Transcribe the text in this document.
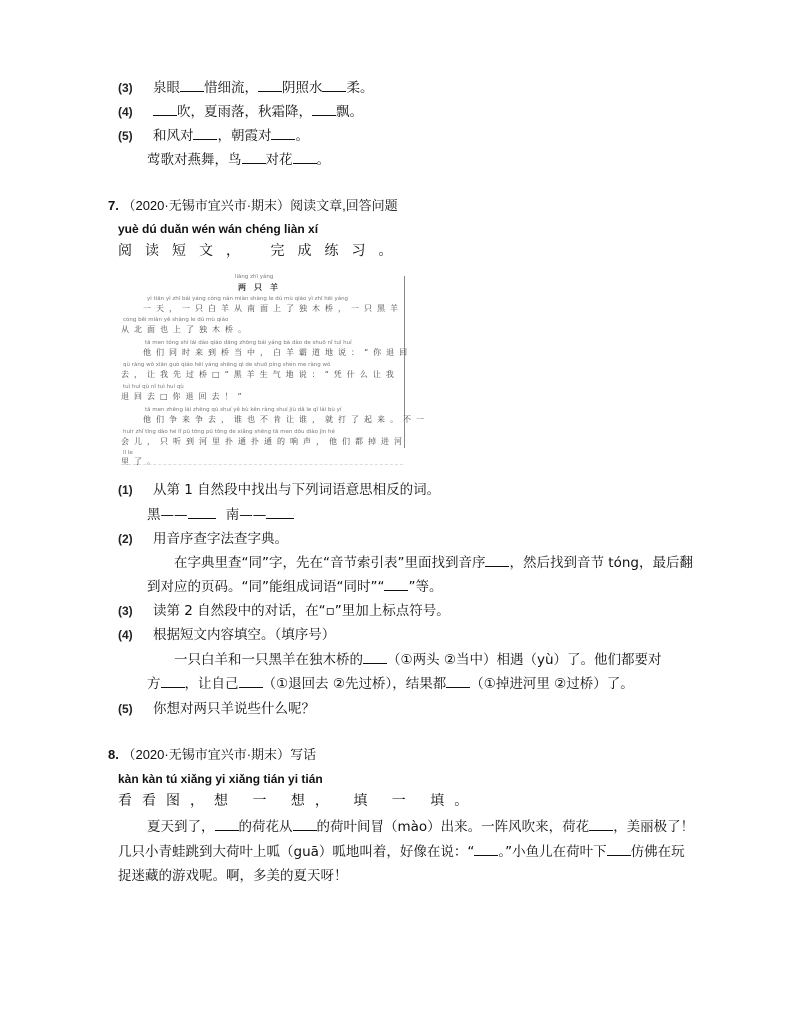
(3) 泉眼 惜细流， 阴照水 柔。
(4)	吹，夏雨落，秋霜降， 飘。
(5) 和风对 ，朝霞对 。
莺歌对燕舞，鸟 对花 。
7. （2020·无锡市宜兴市·期末）阅读文章,回答问题
yuè dú duǎn wén wán chéng liàn xí
阅读短文， 完成练习。
liǎng zhī yáng
两只羊
yì tiān yì zhī bái yáng cóng nán miàn shàng le dú mù qiáo yì zhī hēi yáng
一天，一只白羊从南面上了独木桥，一只黑羊
cóng běi miàn yě shàng le dú mù qiáo
从北面也上了独木桥。
tā men tóng shí lái dào qiáo dāng zhōng bái yáng bà dào de shuō nǐ tuì huí
他们同时来到桥当中，白羊霸道地说：“你退回
qù ràng wǒ xiān guò qiáo hēi yáng shēng qì de shuō píng shén me ràng wǒ
去，让我先过桥□“黑羊生气地说：“凭什么让我
tuì huí qù nǐ tuì huí qù
退回去□你退回去！”
tā men zhēng lái zhēng qù shuí yě bù kěn ràng shuí jiù dǎ le qǐ lái bù yí
他们争来争去，谁也不肯让谁，就打了起来。不一
huìr zhǐ tīng dào hé lǐ pū tōng pū tōng de xiǎng shēng tā men dōu diào jìn hé
会儿，只听到河里扑通扑通的响声，他们都掉进河
lǐ le
里了。
(1) 从第 1 自然段中找出与下列词语意思相反的词。
黑——	南——
(2) 用音序查字法查字典。
在字典里查“同”字，先在“音节索引表”里面找到音序 ，然后找到音节 tóng，最后翻
到对应的页码。“同”能组成词语“同时”“ ”等。
(3) 读第 2 自然段中的对话，在“▫”里加上标点符号。
(4) 根据短文内容填空。（填序号）
一只白羊和一只黑羊在独木桥的 （①两头 ②当中）相遇（yù）了。他们都要对
方 ，让自己 （①退回去 ②先过桥），结果都 （①掉进河里 ②过桥）了。
(5) 你想对两只羊说些什么呢？
8. （2020·无锡市宜兴市·期末）写话
kàn kàn tú xiǎng yi xiǎng tián yi tián
看看图，想 一 想， 填 一 填。
夏天到了， 的荷花从 的荷叶间冒（mào）出来。一阵风吹来，荷花 ，美丽极了！
几只小青蛙跳到大荷叶上呱（guā）呱地叫着，好像在说：“ 。”小鱼儿在荷叶下 仿佛在玩
捉迷藏的游戏呢。啊，多美的夏天呀！
